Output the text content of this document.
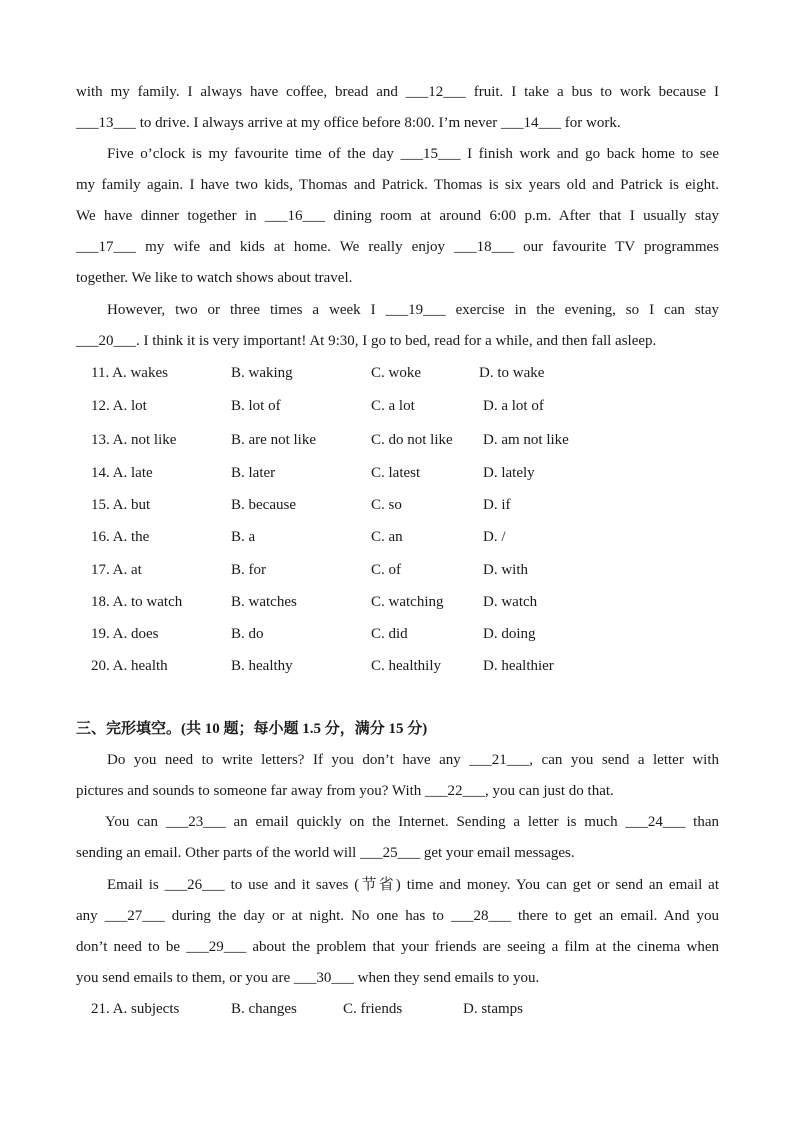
with my family. I always have coffee, bread and ___12___ fruit. I take a bus to work because I
___13___ to drive. I always arrive at my office before 8:00. I’m never ___14___ for work.
Five o’clock is my favourite time of the day ___15___ I finish work and go back home to see
my family again. I have two kids, Thomas and Patrick. Thomas is six years old and Patrick is eight.
We have dinner together in ___16___ dining room at around 6:00 p.m. After that I usually stay
___17___ my wife and kids at home. We really enjoy ___18___ our favourite TV programmes
together. We like to watch shows about travel.
However, two or three times a week I ___19___ exercise in the evening, so I can stay
___20___. I think it is very important! At 9:30, I go to bed, read for a while, and then fall asleep.
11. A. wakes	B. waking	C. woke	D. to wake
12. A. lot	B. lot of	C. a lot	D. a lot of
13. A. not like	B. are not like	C. do not like D. am not like
14. A. late	B. later	C. latest	D. lately
15. A. but	B. because	C. so	D. if
16. A. the	B. a	C. an	D. /
17. A. at	B. for	C. of	D. with
18. A. to watch	B. watches	C. watching	D. watch
19. A. does	B. do	C. did	D. doing
20. A. health	B. healthy	C. healthily	D. healthier
三、完形填空。(共 10 题；每小题 1.5 分，满分 15 分)
Do you need to write letters? If you don’t have any ___21___, can you send a letter with
pictures and sounds to someone far away from you? With ___22___, you can just do that.
You can ___23___ an email quickly on the Internet. Sending a letter is much ___24___ than
sending an email. Other parts of the world will ___25___ get your email messages.
Email is ___26___ to use and it saves (节省) time and money. You can get or send an email at
any ___27___ during the day or at night. No one has to ___28___ there to get an email. And you
don’t need to be ___29___ about the problem that your friends are seeing a film at the cinema when
you send emails to them, or you are ___30___ when they send emails to you.
21. A. subjects	B. changes	C. friends	D. stamps
